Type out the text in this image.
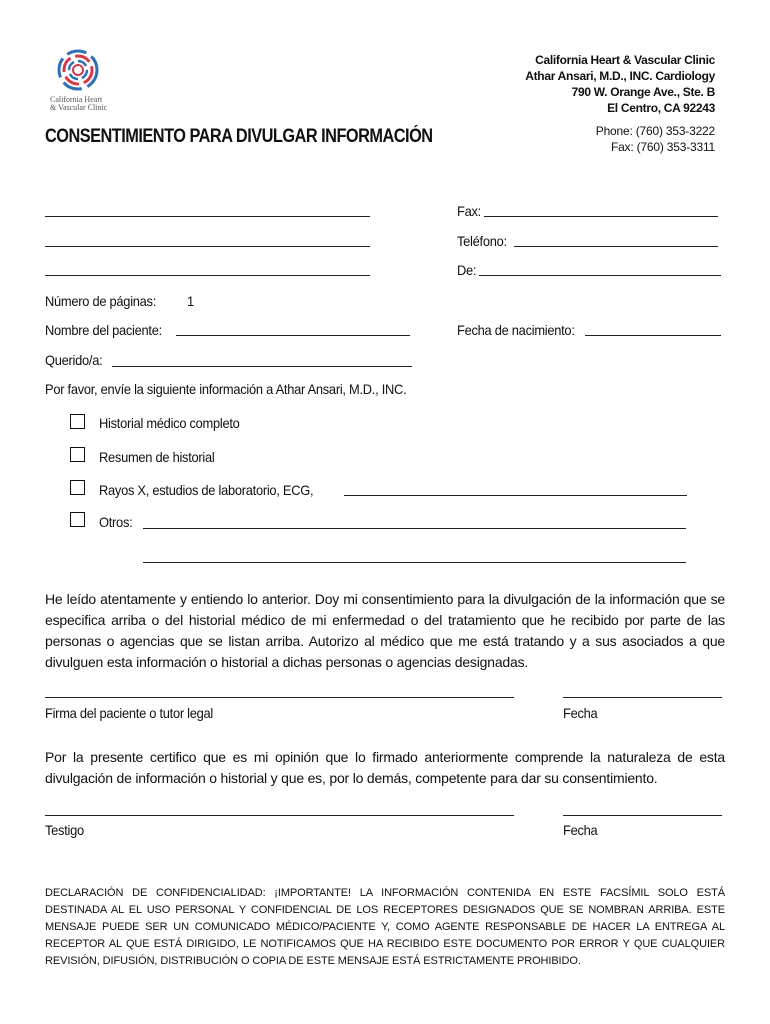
California Heart
& Vascular Clinic
California Heart & Vascular Clinic
Athar Ansari, M.D., INC. Cardiology
790 W. Orange Ave., Ste. B
El Centro, CA 92243
Phone: (760) 353-3222
Fax: (760) 353-3311
CONSENTIMIENTO PARA DIVULGAR INFORMACIÓN
Fax:
Teléfono:
De:
Número de páginas: 1
Nombre del paciente:	Fecha de nacimiento:
Querido/a:
Por favor, envíe la siguiente información a Athar Ansari, M.D., INC.
Historial médico completo
Resumen de historial
Rayos X, estudios de laboratorio, ECG,
Otros:
He leído atentamente y entiendo lo anterior. Doy mi consentimiento para la divulgación de la información que se especifica arriba o del historial médico de mi enfermedad o del tratamiento que he recibido por parte de las personas o agencias que se listan arriba. Autorizo al médico que me está tratando y a sus asociados a que divulguen esta información o historial a dichas personas o agencias designadas.
Firma del paciente o tutor legal	Fecha
Por la presente certifico que es mi opinión que lo firmado anteriormente comprende la naturaleza de esta divulgación de información o historial y que es, por lo demás, competente para dar su consentimiento.
Testigo	Fecha
DECLARACIÓN DE CONFIDENCIALIDAD: ¡IMPORTANTE! LA INFORMACIÓN CONTENIDA EN ESTE FACSÍMIL SOLO ESTÁ DESTINADA AL EL USO PERSONAL Y CONFIDENCIAL DE LOS RECEPTORES DESIGNADOS QUE SE NOMBRAN ARRIBA. ESTE MENSAJE PUEDE SER UN COMUNICADO MÉDICO/PACIENTE Y, COMO AGENTE RESPONSABLE DE HACER LA ENTREGA AL RECEPTOR AL QUE ESTÁ DIRIGIDO, LE NOTIFICAMOS QUE HA RECIBIDO ESTE DOCUMENTO POR ERROR Y QUE CUALQUIER REVISIÓN, DIFUSIÓN, DISTRIBUCIÓN O COPIA DE ESTE MENSAJE ESTÁ ESTRICTAMENTE PROHIBIDO.
